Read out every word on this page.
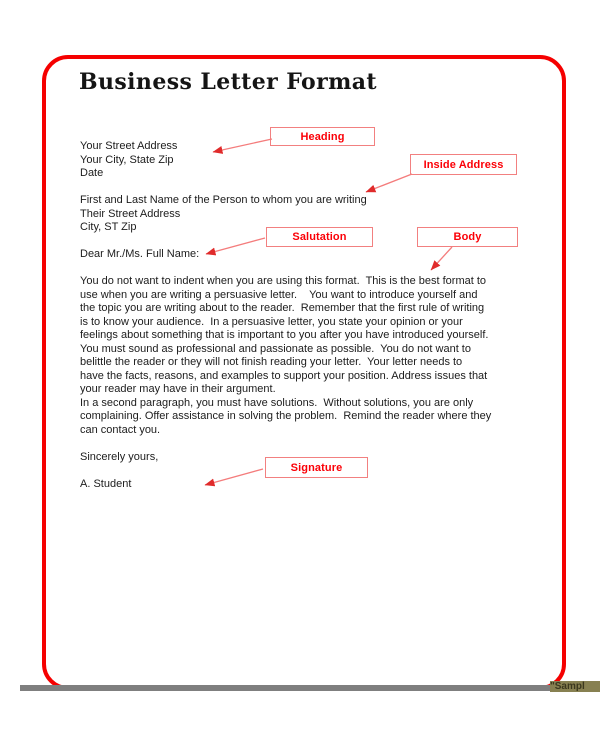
Business Letter Format
Your Street Address
Your City, State Zip
Date
First and Last Name of the Person to whom you are writing
Their Street Address
City, ST Zip
Dear Mr./Ms. Full Name:
You do not want to indent when you are using this format.  This is the best format to
use when you are writing a persuasive letter.    You want to introduce yourself and
the topic you are writing about to the reader.  Remember that the first rule of writing
is to know your audience.  In a persuasive letter, you state your opinion or your
feelings about something that is important to you after you have introduced yourself.
You must sound as professional and passionate as possible.  You do not want to
belittle the reader or they will not finish reading your letter.  Your letter needs to
have the facts, reasons, and examples to support your position. Address issues that
your reader may have in their argument.
In a second paragraph, you must have solutions.  Without solutions, you are only
complaining. Offer assistance in solving the problem.  Remind the reader where they
can contact you.
Sincerely yours,
A. Student
Heading
Inside Address
Salutation	Body
Signature
"Sampl
